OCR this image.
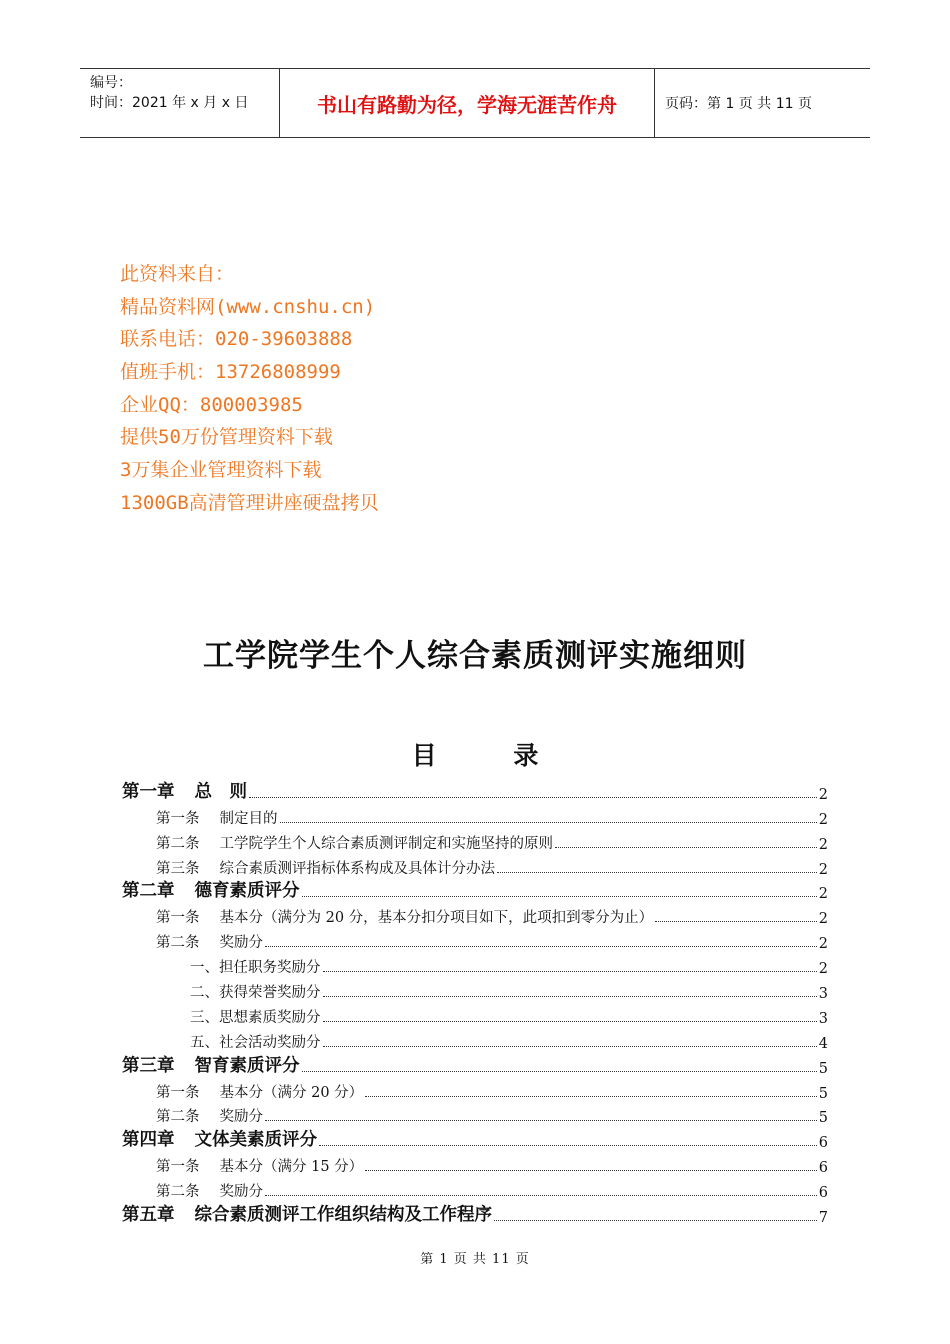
编号：
时间：2021 年 x 月 x 日	书山有路勤为径，学海无涯苦作舟	页码：第 1 页 共 11 页
此资料来自：
精品资料网(www.cnshu.cn)
联系电话：020-39603888
值班手机：13726808999
企业QQ：800003985
提供50万份管理资料下载
3万集企业管理资料下载
1300GB高清管理讲座硬盘拷贝
工学院学生个人综合素质测评实施细则
目	录
第一章 总　则	2
第一条 制定目的	2
第二条 工学院学生个人综合素质测评制定和实施坚持的原则	2
第三条 综合素质测评指标体系构成及具体计分办法	2
第二章 德育素质评分	2
第一条 基本分（满分为 20 分，基本分扣分项目如下，此项扣到零分为止）	2
第二条 奖励分	2
一、担任职务奖励分	2
二、获得荣誉奖励分	3
三、思想素质奖励分	3
五、社会活动奖励分	4
第三章 智育素质评分	5
第一条 基本分（满分 20 分）	5
第二条 奖励分	5
第四章 文体美素质评分	6
第一条 基本分（满分 15 分）	6
第二条 奖励分	6
第五章 综合素质测评工作组织结构及工作程序	7
第 1 页 共 11 页
